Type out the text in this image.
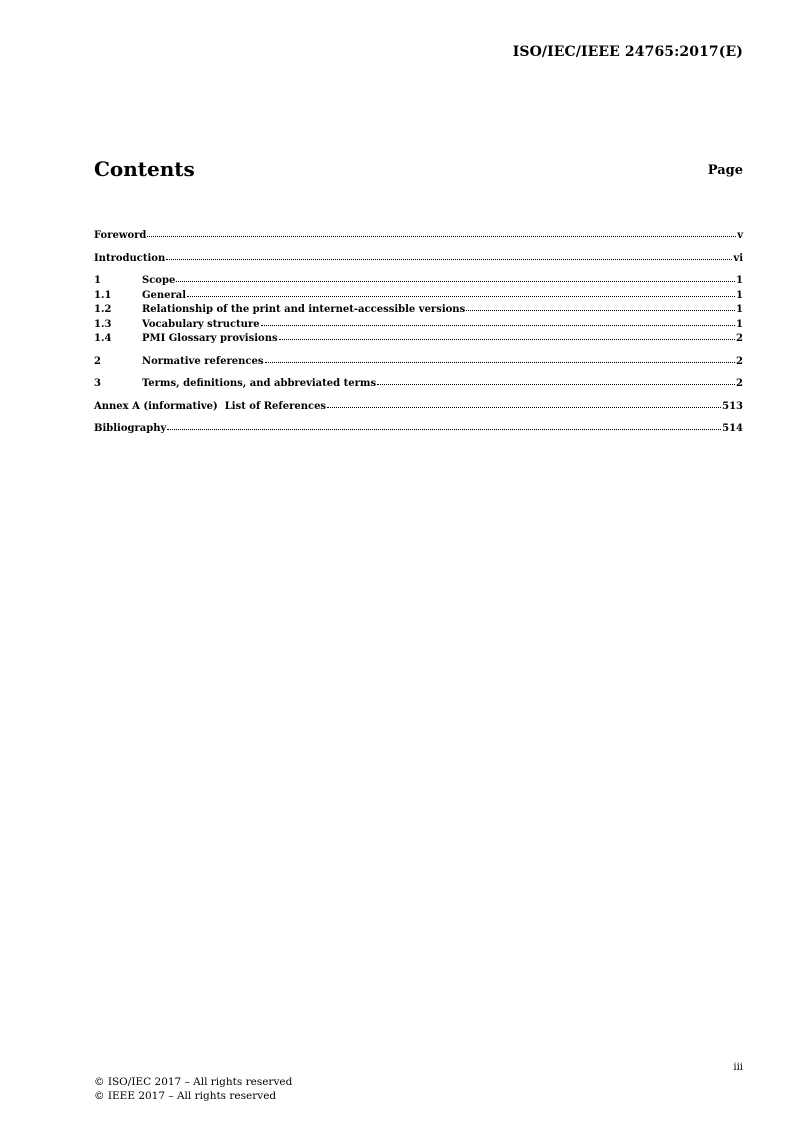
ISO/IEC/IEEE 24765:2017(E)
Contents	Page
Foreword	v
Introduction	vi
1	Scope	1
1.1	General	1
1.2	Relationship of the print and internet-accessible versions	1
1.3	Vocabulary structure	1
1.4	PMI Glossary provisions	2
2	Normative references	2
3	Terms, definitions, and abbreviated terms	2
Annex A (informative)  List of References	513
Bibliography	514
iii
© ISO/IEC 2017 – All rights reserved
© IEEE 2017 – All rights reserved
